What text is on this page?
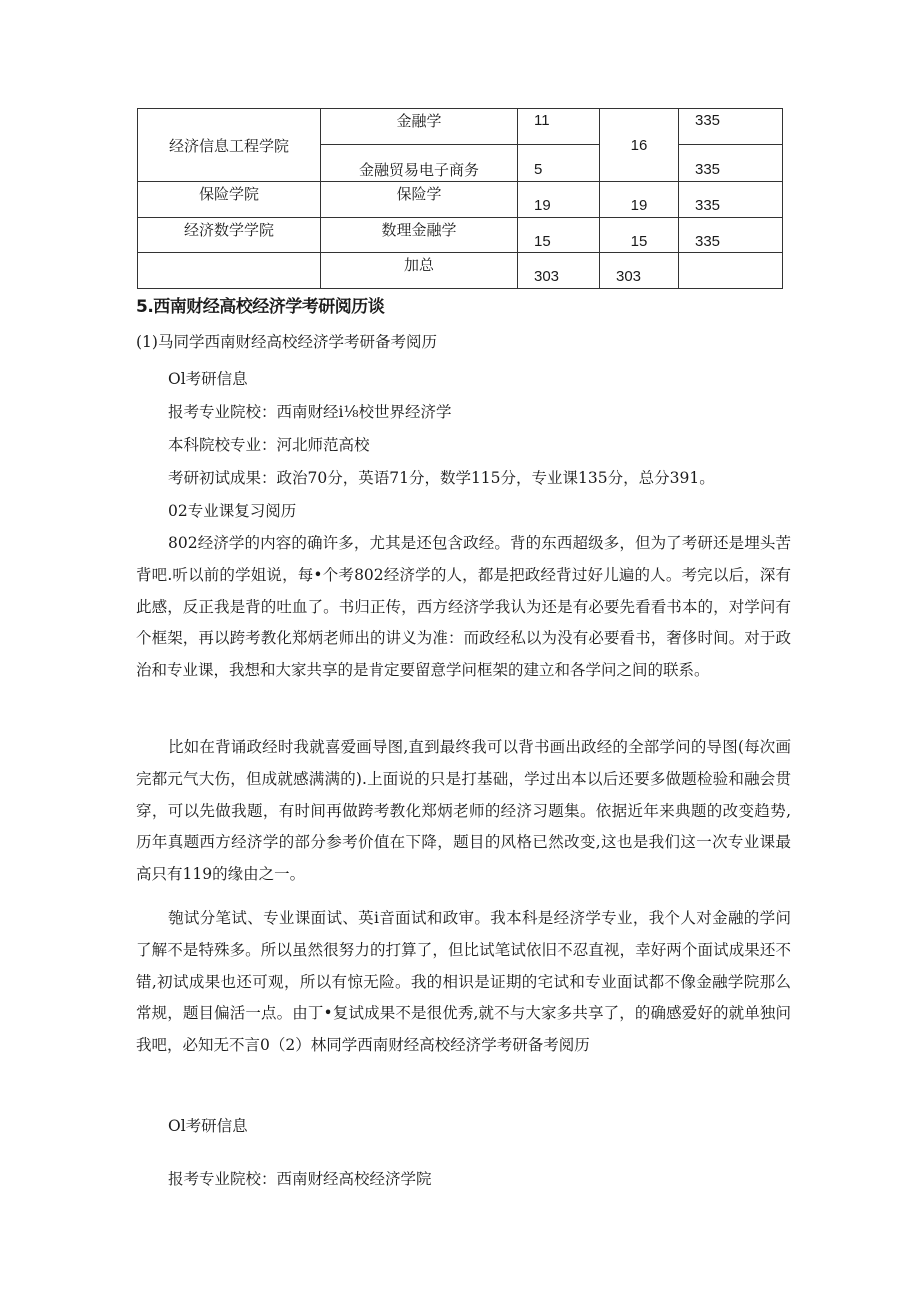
经济信息工程学院	金融学	11	16	335
	金融贸易电子商务	5		335
保险学院	保险学	19	19	335
经济数学学院	数理金融学	15	15	335
	加总	303	303	
5.西南财经高校经济学考研阅历谈
(1)马同学西南财经高校经济学考研备考阅历
Ol考研信息
报考专业院校：西南财经i⅛校世界经济学
本科院校专业：河北师范高校
考研初试成果：政治70分，英语71分，数学115分，专业课135分，总分391。
02专业课复习阅历

802经济学的内容的确许多，尤其是还包含政经。背的东西超级多，但为了考研还是埋头苦背吧.听以前的学姐说，每•个考802经济学的人，都是把政经背过好儿遍的人。考完以后，深有此感，反正我是背的吐血了。书归正传，西方经济学我认为还是有必要先看看书本的，对学问有个框架，再以跨考教化郑炳老师出的讲义为准：而政经私以为没有必要看书，奢侈时间。对于政治和专业课，我想和大家共享的是肯定要留意学问框架的建立和各学问之间的联系。

比如在背诵政经时我就喜爱画导图,直到最终我可以背书画出政经的全部学问的导图(每次画完都元气大伤，但成就感满满的).上面说的只是打基础，学过出本以后还要多做题检验和融会贯穿，可以先做我题，有时间再做跨考教化郑炳老师的经济习题集。依据近年来典题的改变趋势,历年真题西方经济学的部分参考价值在下降，题目的风格已然改变,这也是我们这一次专业课最高只有119的缘由之一。

匏试分笔试、专业课面试、英i音面试和政审。我本科是经济学专业，我个人对金融的学问了解不是特殊多。所以虽然很努力的打算了，但比试笔试依旧不忍直视，幸好两个面试成果还不错,初试成果也还可观，所以有惊无险。我的相识是证期的宅试和专业面试都不像金融学院那么常规，题目偏活一点。由丁•复试成果不是很优秀,就不与大家多共享了，的确感爱好的就单独问我吧，必知无不言0（2）林同学西南财经高校经济学考研备考阅历

Ol考研信息
报考专业院校：西南财经高校经济学院
